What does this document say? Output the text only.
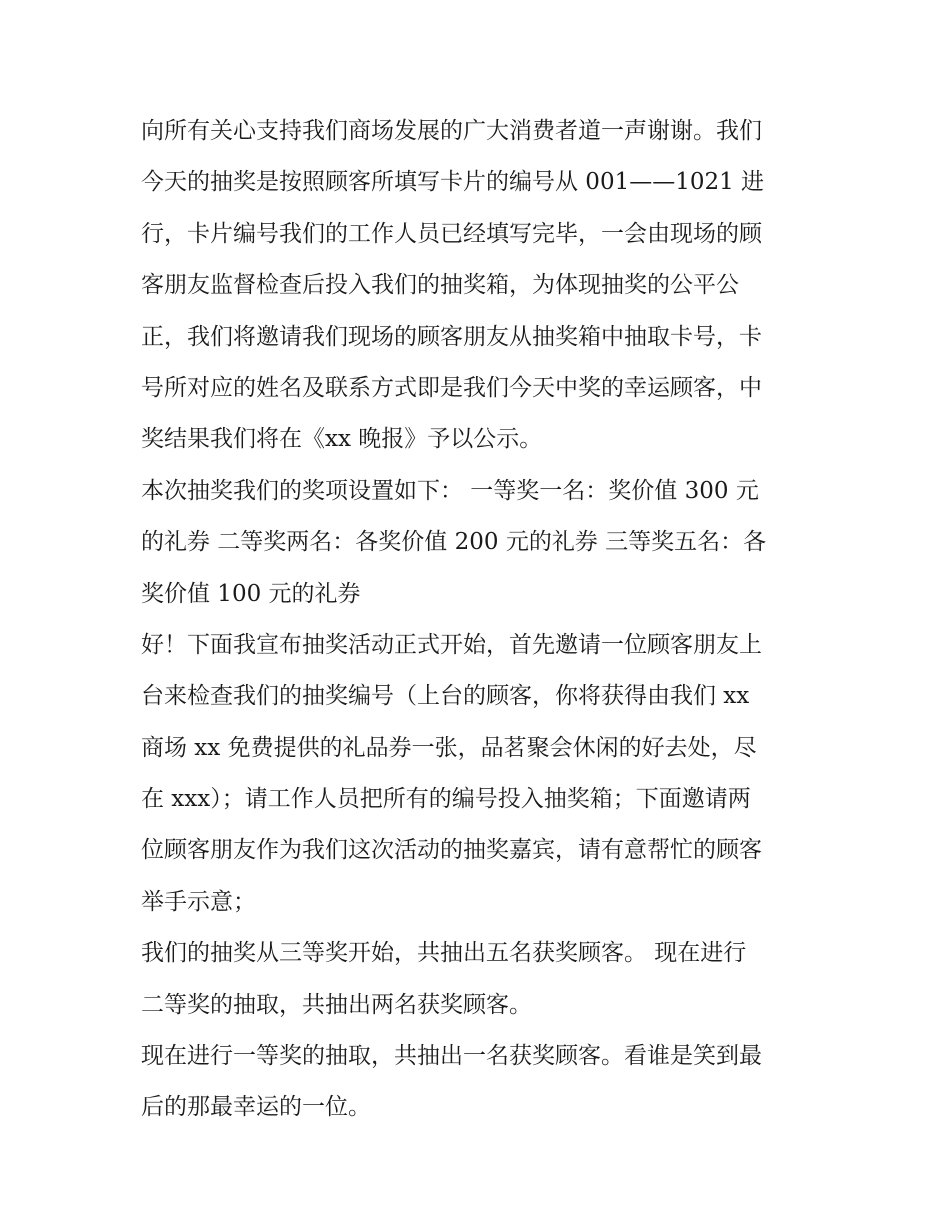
向所有关心支持我们商场发展的广大消费者道一声谢谢。我们
今天的抽奖是按照顾客所填写卡片的编号从 001——1021 进
行，卡片编号我们的工作人员已经填写完毕，一会由现场的顾
客朋友监督检查后投入我们的抽奖箱，为体现抽奖的公平公
正，我们将邀请我们现场的顾客朋友从抽奖箱中抽取卡号，卡
号所对应的姓名及联系方式即是我们今天中奖的幸运顾客，中
奖结果我们将在《xx 晚报》予以公示。
本次抽奖我们的奖项设置如下： 一等奖一名：奖价值 300 元
的礼券 二等奖两名：各奖价值 200 元的礼券 三等奖五名：各
奖价值 100 元的礼券
好！下面我宣布抽奖活动正式开始，首先邀请一位顾客朋友上
台来检查我们的抽奖编号（上台的顾客，你将获得由我们 xx
商场 xx 免费提供的礼品券一张，品茗聚会休闲的好去处，尽
在 xxx）；请工作人员把所有的编号投入抽奖箱；下面邀请两
位顾客朋友作为我们这次活动的抽奖嘉宾，请有意帮忙的顾客
举手示意；
我们的抽奖从三等奖开始，共抽出五名获奖顾客。 现在进行
二等奖的抽取，共抽出两名获奖顾客。
现在进行一等奖的抽取，共抽出一名获奖顾客。看谁是笑到最
后的那最幸运的一位。
